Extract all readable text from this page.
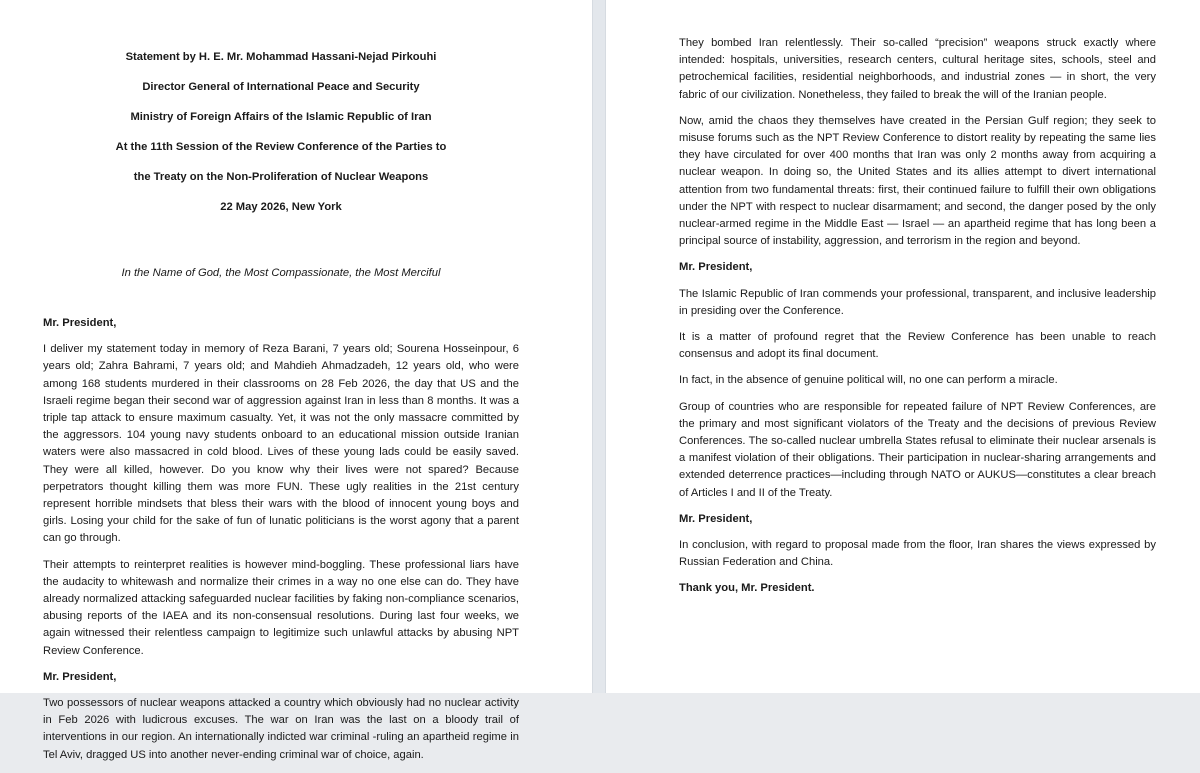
Statement by H. E. Mr. Mohammad Hassani-Nejad Pirkouhi

Director General of International Peace and Security

Ministry of Foreign Affairs of the Islamic Republic of Iran

At the 11th Session of the Review Conference of the Parties to

the Treaty on the Non-Proliferation of Nuclear Weapons

22 May 2026, New York

In the Name of God, the Most Compassionate, the Most Merciful
Mr. President,

I deliver my statement today in memory of Reza Barani, 7 years old; Sourena Hosseinpour, 6 years old; Zahra Bahrami, 7 years old; and Mahdieh Ahmadzadeh, 12 years old, who were among 168 students murdered in their classrooms on 28 Feb 2026, the day that US and the Israeli regime began their second war of aggression against Iran in less than 8 months. It was a triple tap attack to ensure maximum casualty. Yet, it was not the only massacre committed by the aggressors. 104 young navy students onboard to an educational mission outside Iranian waters were also massacred in cold blood. Lives of these young lads could be easily saved. They were all killed, however. Do you know why their lives were not spared? Because perpetrators thought killing them was more FUN. These ugly realities in the 21st century represent horrible mindsets that bless their wars with the blood of innocent young boys and girls. Losing your child for the sake of fun of lunatic politicians is the worst agony that a parent can go through.

Their attempts to reinterpret realities is however mind-boggling. These professional liars have the audacity to whitewash and normalize their crimes in a way no one else can do. They have already normalized attacking safeguarded nuclear facilities by faking non-compliance scenarios, abusing reports of the IAEA and its non-consensual resolutions. During last four weeks, we again witnessed their relentless campaign to legitimize such unlawful attacks by abusing NPT Review Conference.

Mr. President,

Two possessors of nuclear weapons attacked a country which obviously had no nuclear activity in Feb 2026 with ludicrous excuses. The war on Iran was the last on a bloody trail of interventions in our region. An internationally indicted war criminal -ruling an apartheid regime in Tel Aviv, dragged US into another never-ending criminal war of choice, again.

They bombed Iran relentlessly. Their so-called “precision” weapons struck exactly where intended: hospitals, universities, research centers, cultural heritage sites, schools, steel and petrochemical facilities, residential neighborhoods, and industrial zones — in short, the very fabric of our civilization. Nonetheless, they failed to break the will of the Iranian people.

Now, amid the chaos they themselves have created in the Persian Gulf region; they seek to misuse forums such as the NPT Review Conference to distort reality by repeating the same lies they have circulated for over 400 months that Iran was only 2 months away from acquiring a nuclear weapon. In doing so, the United States and its allies attempt to divert international attention from two fundamental threats: first, their continued failure to fulfill their own obligations under the NPT with respect to nuclear disarmament; and second, the danger posed by the only nuclear-armed regime in the Middle East — Israel — an apartheid regime that has long been a principal source of instability, aggression, and terrorism in the region and beyond.

Mr. President,

The Islamic Republic of Iran commends your professional, transparent, and inclusive leadership in presiding over the Conference.

It is a matter of profound regret that the Review Conference has been unable to reach consensus and adopt its final document.

In fact, in the absence of genuine political will, no one can perform a miracle.

Group of countries who are responsible for repeated failure of NPT Review Conferences, are the primary and most significant violators of the Treaty and the decisions of previous Review Conferences. The so-called nuclear umbrella States refusal to eliminate their nuclear arsenals is a manifest violation of their obligations. Their participation in nuclear-sharing arrangements and extended deterrence practices—including through NATO or AUKUS—constitutes a clear breach of Articles I and II of the Treaty.

Mr. President,

In conclusion, with regard to proposal made from the floor, Iran shares the views expressed by Russian Federation and China.

Thank you, Mr. President.
